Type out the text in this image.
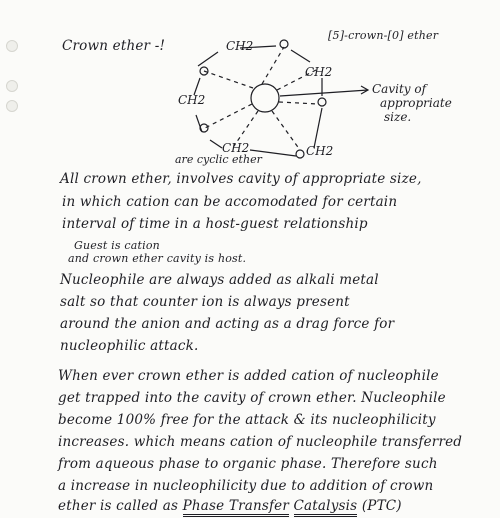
Crown ether -!
[5]-crown-[0] ether
CH2
CH2
CH2
CH2	CH2
Cavity of
appropriate
size.
are cyclic ether
All crown ether, involves cavity of appropriate size,
in which cation can be accomodated for certain
interval of time in a host-guest relationship
Guest is cation
and crown ether cavity is host.
Nucleophile are always added as alkali metal
salt so that counter ion is always present
around the anion and acting as a drag force for
nucleophilic attack.
When ever crown ether is added cation of nucleophile
get trapped into the cavity of crown ether. Nucleophile
become 100% free for the attack & its nucleophilicity
increases. which means cation of nucleophile transferred
from aqueous phase to organic phase. Therefore such
a increase in nucleophilicity due to addition of crown
ether is called as Phase Transfer Catalysis (PTC)
